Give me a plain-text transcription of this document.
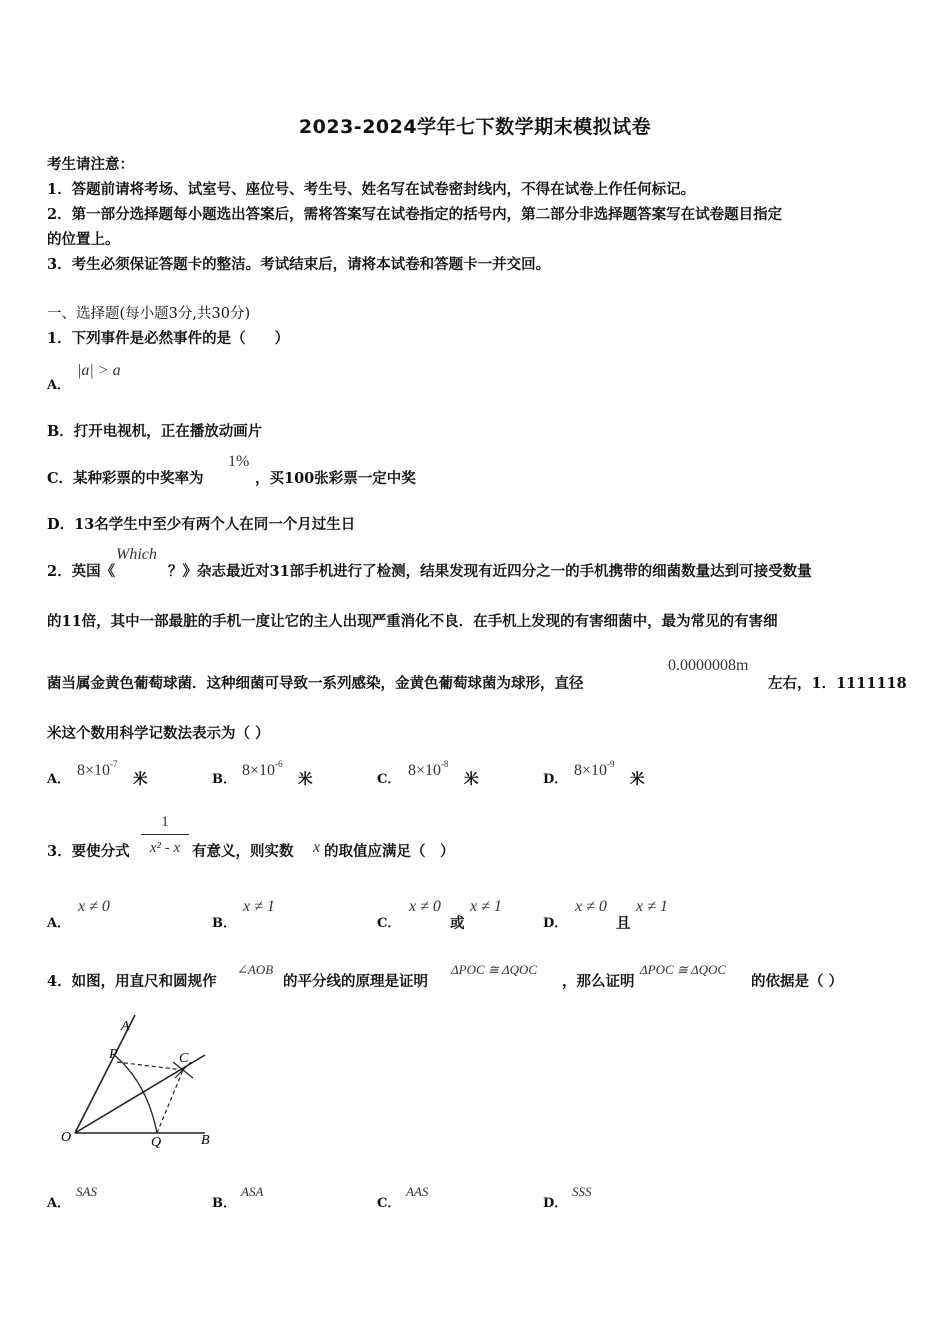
2023-2024学年七下数学期末模拟试卷
考生请注意：
1．答题前请将考场、试室号、座位号、考生号、姓名写在试卷密封线内，不得在试卷上作任何标记。
2．第一部分选择题每小题选出答案后，需将答案写在试卷指定的括号内，第二部分非选择题答案写在试卷题目指定
的位置上。
3．考生必须保证答题卡的整洁。考试结束后，请将本试卷和答题卡一并交回。
一、选择题(每小题3分,共30分)
1．下列事件是必然事件的是（　　）
A．
|a| > a
B．打开电视机，正在播放动画片
C．某种彩票的中奖率为
1%
，买100张彩票一定中奖
D．13名学生中至少有两个人在同一个月过生日
2．英国《
Which
？》杂志最近对31部手机进行了检测，结果发现有近四分之一的手机携带的细菌数量达到可接受数量
的11倍，其中一部最脏的手机一度让它的主人出现严重消化不良．在手机上发现的有害细菌中，最为常见的有害细
菌当属金黄色葡萄球菌．这种细菌可导致一系列感染，金黄色葡萄球菌为球形，直径
0.0000008m
左右，1．1111118
米这个数用科学记数法表示为（ ）
A．
$8\times 10^{-7}$
米	B．
$8\times 10^{-6}$
米	C．
$8\times 10^{-8}$
米	D．
$8\times 10^{-9}$
米
3．要使分式
1
x² - x 有意义，则实数 x 的取值应满足（　）
A．
x ≠ 0
B．
x ≠ 1
C．
x ≠ 0
或
x ≠ 1
D．
x ≠ 0
且
x ≠ 1
4．如图，用直尺和圆规作
∠AOB
的平分线的原理是证明
ΔPOC ≅ ΔQOC
，那么证明
ΔPOC ≅ ΔQOC
的依据是（ ）
A
P	C
O	Q	B
A．
SAS
B．
ASA
C．
AAS
D．
SSS
